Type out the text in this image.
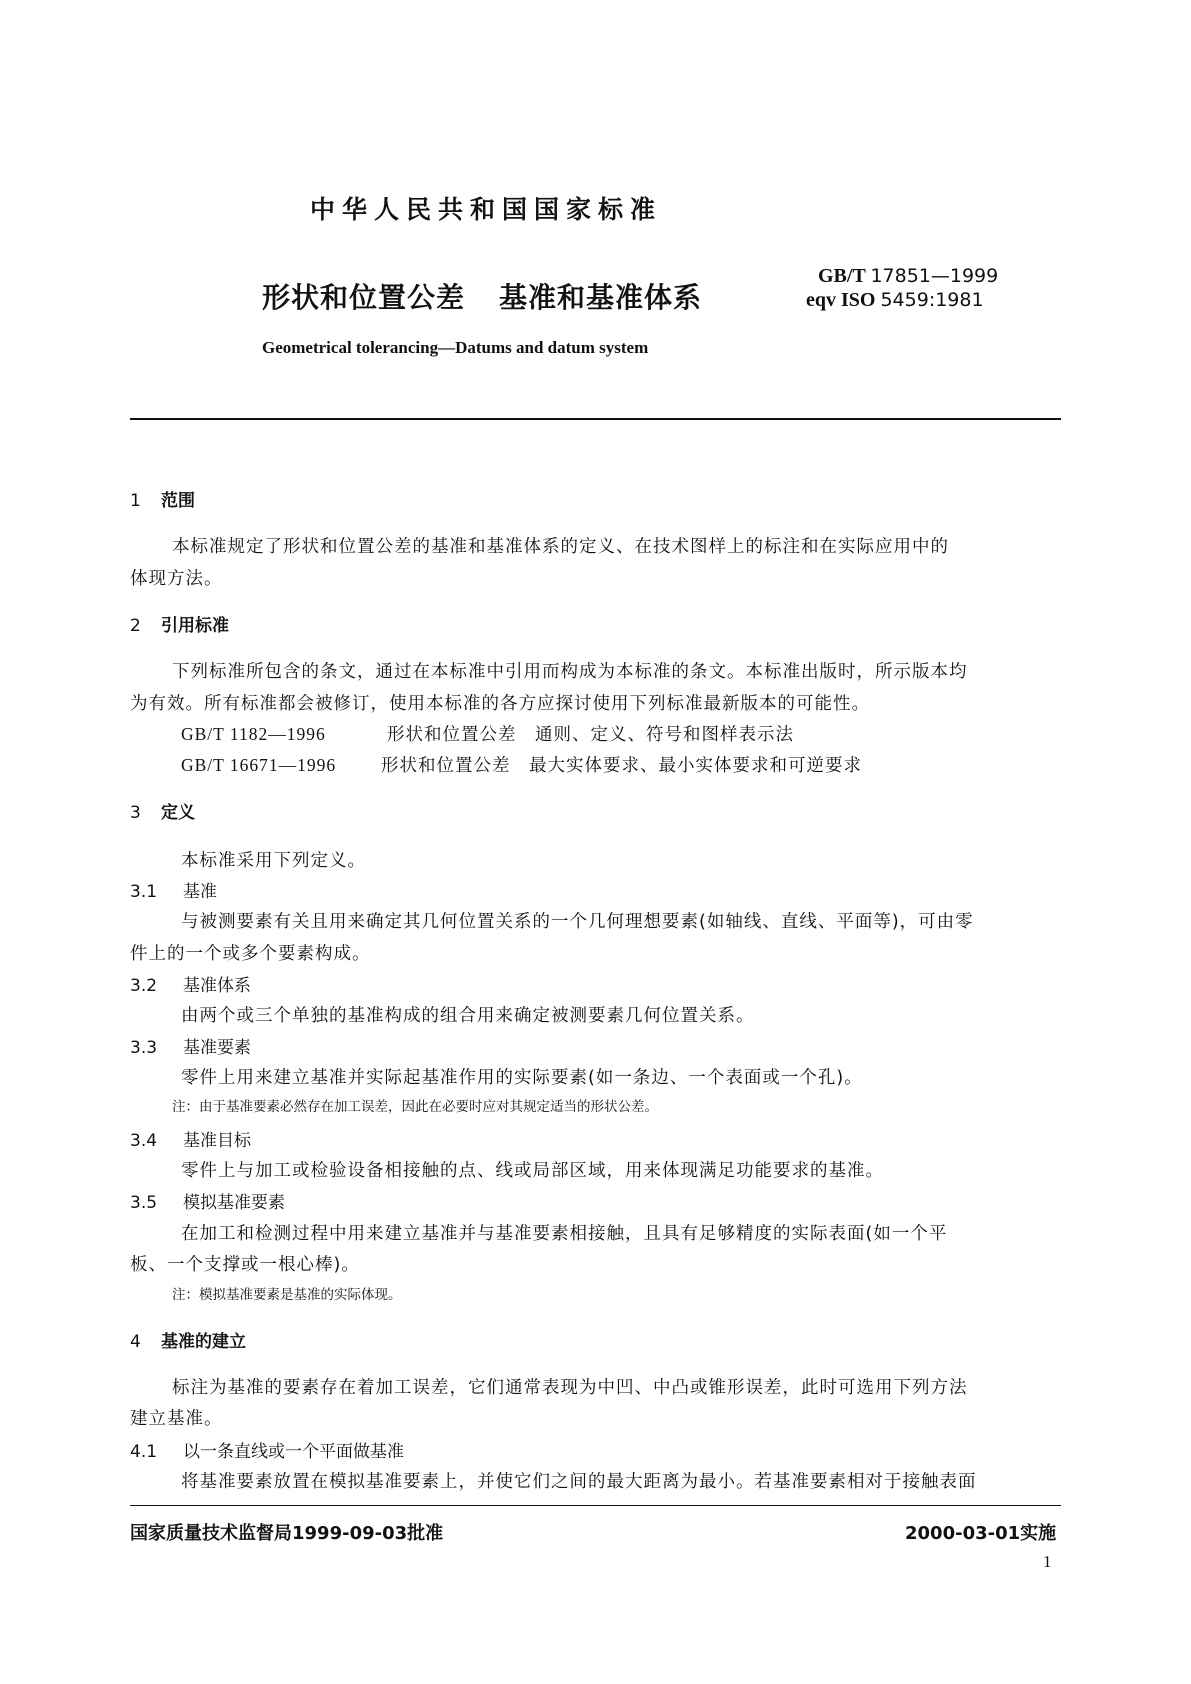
中华人民共和国国家标准
形状和位置公差 基准和基准体系
GB/T 17851—1999
eqv ISO 5459:1981
Geometrical tolerancing—Datums and datum system
1 范围
本标准规定了形状和位置公差的基准和基准体系的定义、在技术图样上的标注和在实际应用中的
体现方法。
2 引用标准
下列标准所包含的条文，通过在本标准中引用而构成为本标准的条文。本标准出版时，所示版本均
为有效。所有标准都会被修订，使用本标准的各方应探讨使用下列标准最新版本的可能性。
GB/T 1182—1996	形状和位置公差　通则、定义、符号和图样表示法
GB/T 16671—1996	形状和位置公差　最大实体要求、最小实体要求和可逆要求
3 定义
本标准采用下列定义。
3.1 基准
与被测要素有关且用来确定其几何位置关系的一个几何理想要素(如轴线、直线、平面等)，可由零
件上的一个或多个要素构成。
3.2 基准体系
由两个或三个单独的基准构成的组合用来确定被测要素几何位置关系。
3.3 基准要素
零件上用来建立基准并实际起基准作用的实际要素(如一条边、一个表面或一个孔)。
注：由于基准要素必然存在加工误差，因此在必要时应对其规定适当的形状公差。
3.4 基准目标
零件上与加工或检验设备相接触的点、线或局部区域，用来体现满足功能要求的基准。
3.5 模拟基准要素
在加工和检测过程中用来建立基准并与基准要素相接触，且具有足够精度的实际表面(如一个平
板、一个支撑或一根心棒)。
注：模拟基准要素是基准的实际体现。
4 基准的建立
标注为基准的要素存在着加工误差，它们通常表现为中凹、中凸或锥形误差，此时可选用下列方法
建立基准。
4.1 以一条直线或一个平面做基准
将基准要素放置在模拟基准要素上，并使它们之间的最大距离为最小。若基准要素相对于接触表面
国家质量技术监督局1999-09-03批准	2000-03-01实施
1
